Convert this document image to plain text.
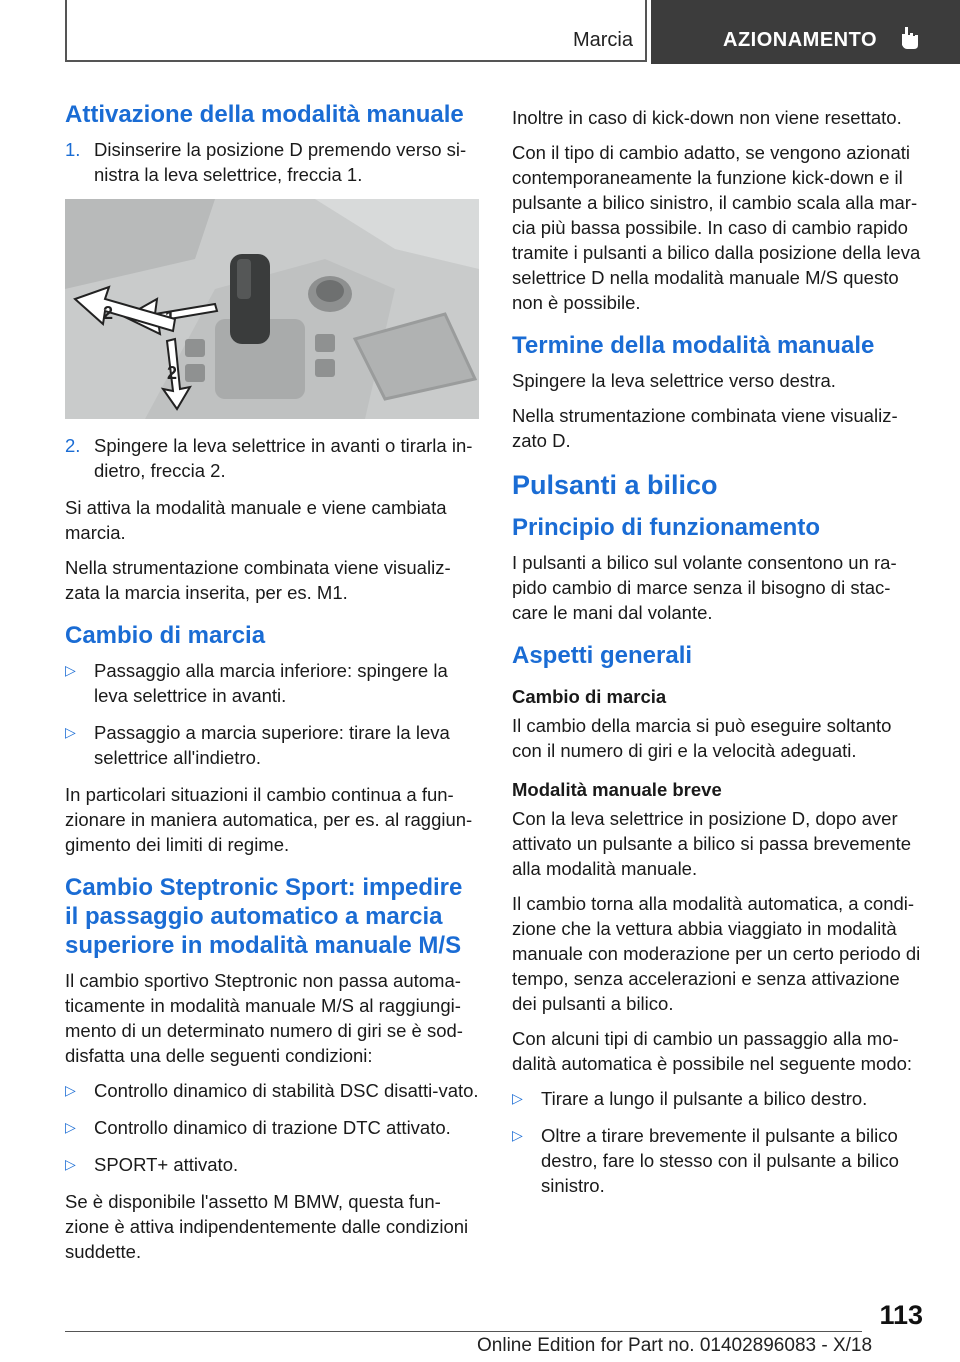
Marcia	AZIONAMENTO
Attivazione della modalità manuale
1. Disinserire la posizione D premendo verso si-nistra la leva selettrice, freccia 1.
2
2
2. Spingere la leva selettrice in avanti o tirarla in-dietro, freccia 2.

Si attiva la modalità manuale e viene cambiata marcia.

Nella strumentazione combinata viene visualiz-zata la marcia inserita, per es. M1.

Cambio di marcia
▷ Passaggio alla marcia inferiore: spingere la leva selettrice in avanti.
▷ Passaggio a marcia superiore: tirare la leva selettrice all'indietro.

In particolari situazioni il cambio continua a fun-zionare in maniera automatica, per es. al raggiun-gimento dei limiti di regime.

Cambio Steptronic Sport: impedire il passaggio automatico a marcia superiore in modalità manuale M/S

Il cambio sportivo Steptronic non passa automa-ticamente in modalità manuale M/S al raggiungi-mento di un determinato numero di giri se è sod-disfatta una delle seguenti condizioni:

▷ Controllo dinamico di stabilità DSC disatti-vato.
▷ Controllo dinamico di trazione DTC attivato.
▷ SPORT+ attivato.

Se è disponibile l'assetto M BMW, questa fun-zione è attiva indipendentemente dalle condizioni suddette.

Inoltre in caso di kick-down non viene resettato.

Con il tipo di cambio adatto, se vengono azionati contemporaneamente la funzione kick-down e il pulsante a bilico sinistro, il cambio scala alla mar-cia più bassa possibile. In caso di cambio rapido tramite i pulsanti a bilico dalla posizione della leva selettrice D nella modalità manuale M/S questo non è possibile.

Termine della modalità manuale

Spingere la leva selettrice verso destra.

Nella strumentazione combinata viene visualiz-zato D.

Pulsanti a bilico
Principio di funzionamento

I pulsanti a bilico sul volante consentono un ra-pido cambio di marce senza il bisogno di stac-care le mani dal volante.

Aspetti generali
Cambio di marcia

Il cambio della marcia si può eseguire soltanto con il numero di giri e la velocità adeguati.

Modalità manuale breve

Con la leva selettrice in posizione D, dopo aver attivato un pulsante a bilico si passa brevemente alla modalità manuale.

Il cambio torna alla modalità automatica, a condi-zione che la vettura abbia viaggiato in modalità manuale con moderazione per un certo periodo di tempo, senza accelerazioni e senza attivazione dei pulsanti a bilico.

Con alcuni tipi di cambio un passaggio alla mo-dalità automatica è possibile nel seguente modo:

▷ Tirare a lungo il pulsante a bilico destro.
▷ Oltre a tirare brevemente il pulsante a bilico destro, fare lo stesso con il pulsante a bilico sinistro.
113
Online Edition for Part no. 01402896083 - X/18
